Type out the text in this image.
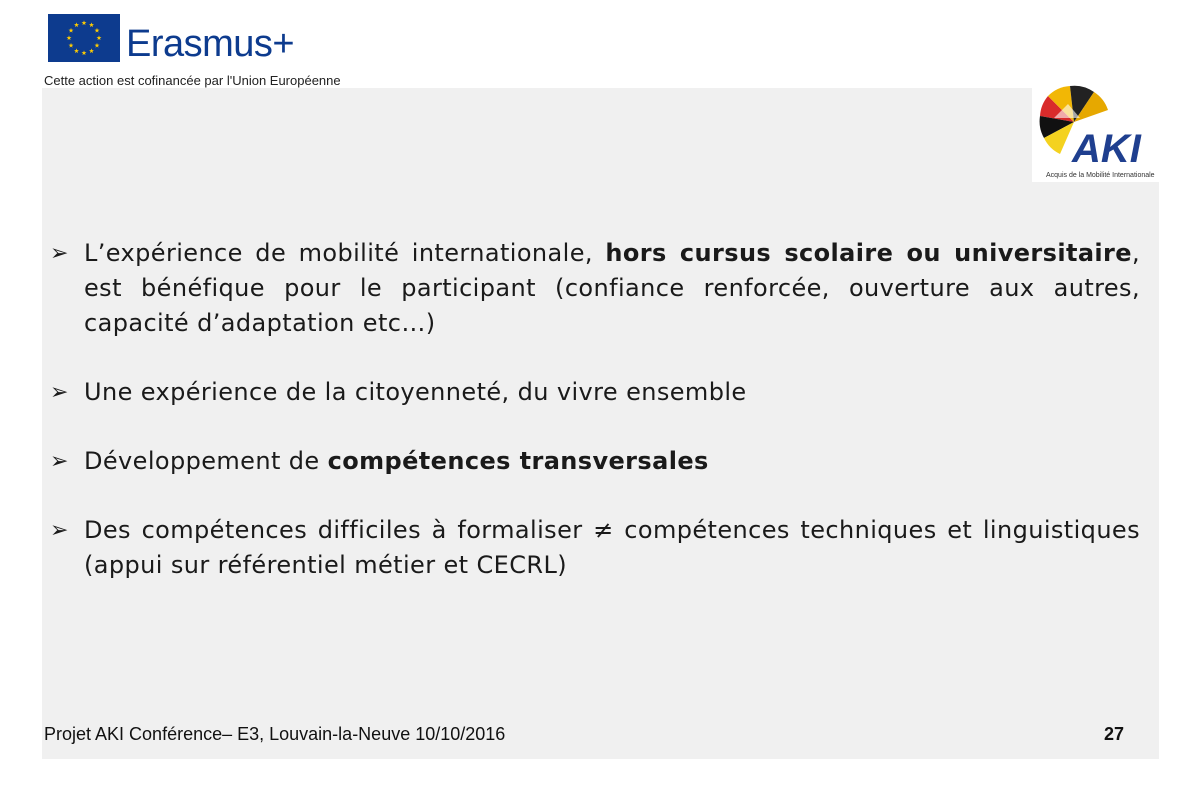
Erasmus+
Cette action est cofinancée par l'Union Européenne
AKI
Acquis de la Mobilité Internationale
➢ L’expérience de mobilité internationale, hors cursus scolaire ou universitaire, est bénéfique pour le participant (confiance renforcée, ouverture aux autres, capacité d’adaptation etc…)
➢ Une expérience de la citoyenneté, du vivre ensemble
➢ Développement de compétences transversales
➢ Des compétences difficiles à formaliser ≠ compétences techniques et linguistiques (appui sur référentiel métier et CECRL)
Projet AKI Conférence– E3, Louvain-la-Neuve 10/10/2016	27
